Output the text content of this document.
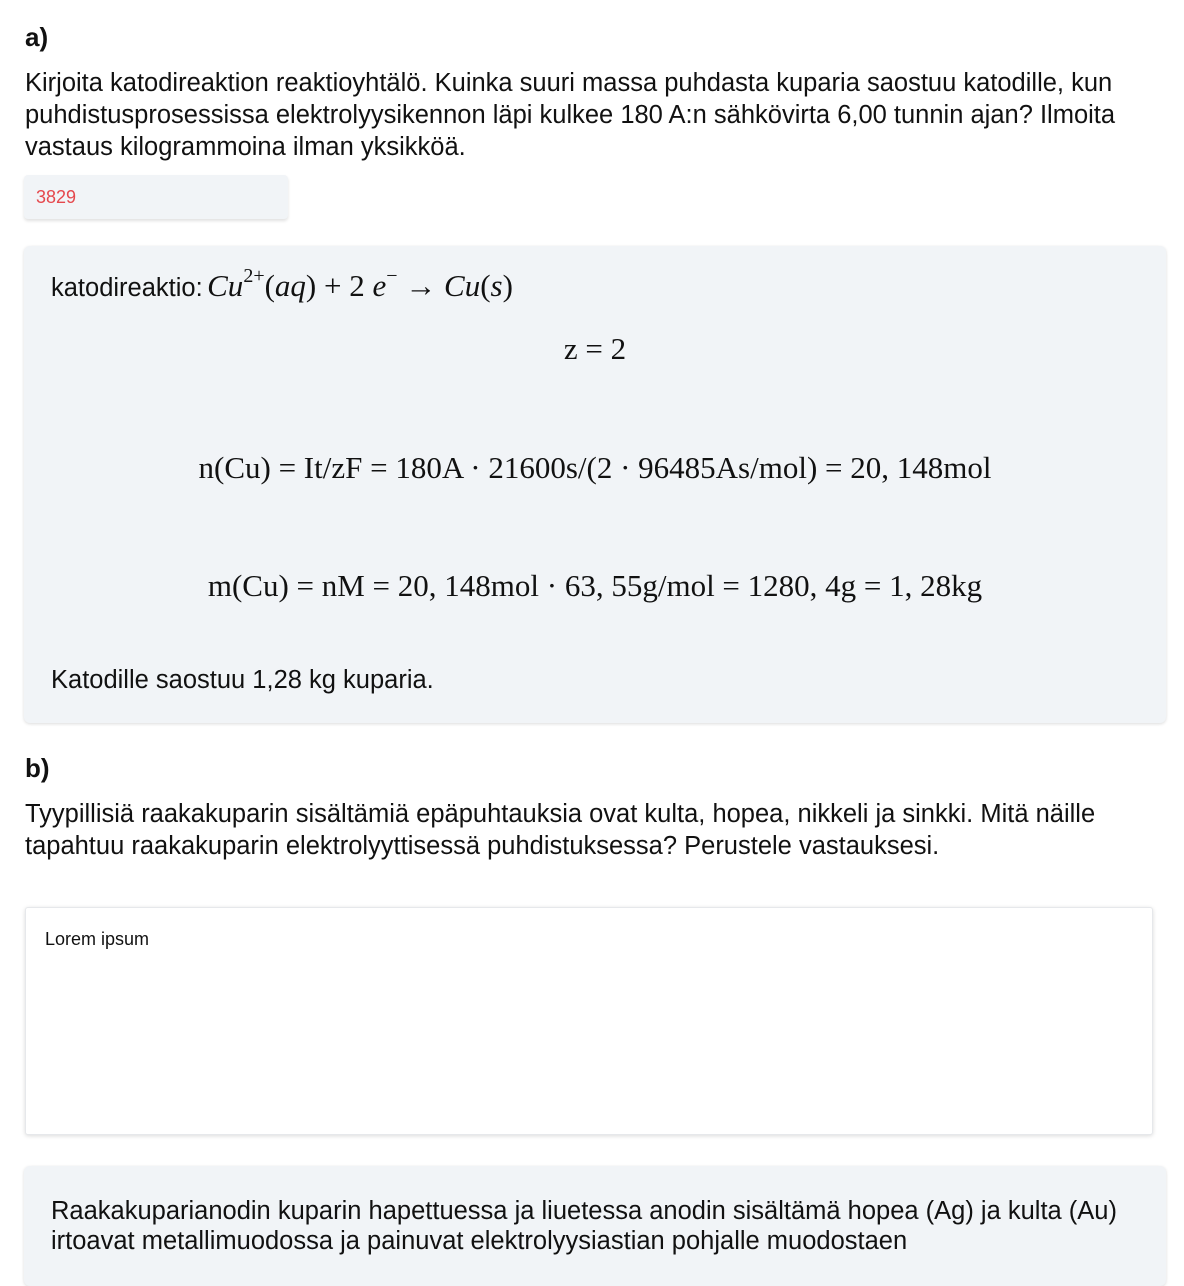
a)

Kirjoita katodireaktion reaktioyhtälö. Kuinka suuri massa puhdasta kuparia saostuu katodille, kun puhdistusprosessissa elektrolyysikennon läpi kulkee 180 A:n sähkövirta 6,00 tunnin ajan? Ilmoita vastaus kilogrammoina ilman yksikköä.

3829
katodireaktio: $Cu^{2+}(aq) + 2$ e− → Cu(s)
z = 2
n(Cu) = It/zF = 180A · 21600s/(2 · 96485As/mol) = 20, 148mol
m(Cu) = nM = 20, 148mol · 63, 55g/mol = 1280, 4g = 1, 28kg
Katodille saostuu 1,28 kg kuparia.
b)

Tyypillisiä raakakuparin sisältämiä epäpuhtauksia ovat kulta, hopea, nikkeli ja sinkki. Mitä näille tapahtuu raakakuparin elektrolyyttisessä puhdistuksessa? Perustele vastauksesi.

Lorem ipsum
Raakakuparianodin kuparin hapettuessa ja liuetessa anodin sisältämä hopea (Ag) ja kulta (Au) irtoavat metallimuodossa ja painuvat elektrolyysiastian pohjalle muodostaen
